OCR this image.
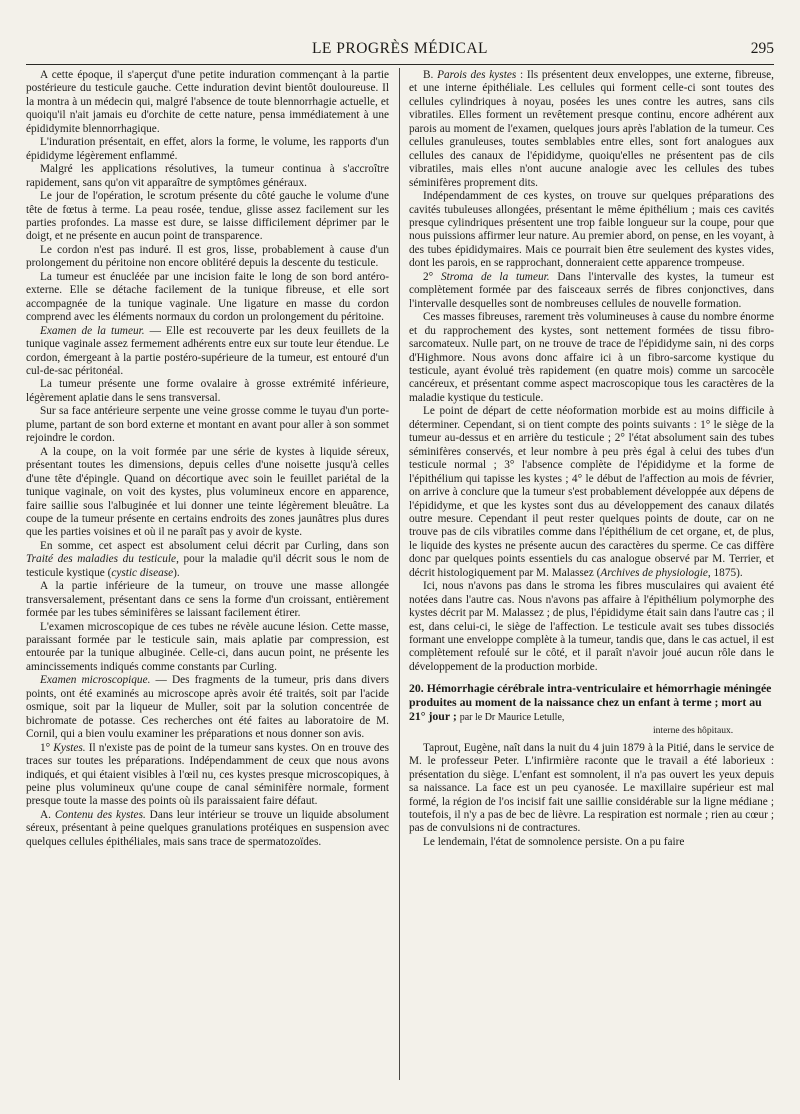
LE PROGRÈS MÉDICAL	295

A cette époque, il s'aperçut d'une petite induration commençant à la partie postérieure du testicule gauche. Cette induration devint bientôt douloureuse. Il la montra à un médecin qui, malgré l'absence de toute blennorrhagie actuelle, et quoiqu'il n'ait jamais eu d'orchite de cette nature, pensa immédiatement à une épididymite blennorrhagique.

L'induration présentait, en effet, alors la forme, le volume, les rapports d'un épididyme légèrement enflammé.

Malgré les applications résolutives, la tumeur continua à s'accroître rapidement, sans qu'on vit apparaître de symptômes généraux.

Le jour de l'opération, le scrotum présente du côté gauche le volume d'une tête de fœtus à terme. La peau rosée, tendue, glisse assez facilement sur les parties profondes. La masse est dure, se laisse difficilement déprimer par le doigt, et ne présente en aucun point de transparence.

Le cordon n'est pas induré. Il est gros, lisse, probablement à cause d'un prolongement du péritoine non encore oblitéré depuis la descente du testicule.

La tumeur est énucléée par une incision faite le long de son bord antéro-externe. Elle se détache facilement de la tunique fibreuse, et elle sort accompagnée de la tunique vaginale. Une ligature en masse du cordon comprend avec les éléments normaux du cordon un prolongement du péritoine.

Examen de la tumeur. — Elle est recouverte par les deux feuillets de la tunique vaginale assez fermement adhérents entre eux sur toute leur étendue. Le cordon, émergeant à la partie postéro-supérieure de la tumeur, est entouré d'un cul-de-sac péritonéal.

La tumeur présente une forme ovalaire à grosse extrémité inférieure, légèrement aplatie dans le sens transversal.

Sur sa face antérieure serpente une veine grosse comme le tuyau d'un porte-plume, partant de son bord externe et montant en avant pour aller à son sommet rejoindre le cordon.

A la coupe, on la voit formée par une série de kystes à liquide séreux, présentant toutes les dimensions, depuis celles d'une noisette jusqu'à celles d'une tête d'épingle. Quand on décortique avec soin le feuillet pariétal de la tunique vaginale, on voit des kystes, plus volumineux encore en apparence, faire saillie sous l'albuginée et lui donner une teinte légèrement bleuâtre. La coupe de la tumeur présente en certains endroits des zones jaunâtres plus dures que les parties voisines et où il ne paraît pas y avoir de kyste.

En somme, cet aspect est absolument celui décrit par Curling, dans son Traité des maladies du testicule, pour la maladie qu'il décrit sous le nom de testicule kystique (cystic disease).

A la partie inférieure de la tumeur, on trouve une masse allongée transversalement, présentant dans ce sens la forme d'un croissant, entièrement formée par les tubes séminifères se laissant facilement étirer.

L'examen microscopique de ces tubes ne révèle aucune lésion. Cette masse, paraissant formée par le testicule sain, mais aplatie par compression, est entourée par la tunique albuginée. Celle-ci, dans aucun point, ne présente les amincissements indiqués comme constants par Curling.

Examen microscopique. — Des fragments de la tumeur, pris dans divers points, ont été examinés au microscope après avoir été traités, soit par l'acide osmique, soit par la liqueur de Muller, soit par la solution concentrée de bichromate de potasse. Ces recherches ont été faites au laboratoire de M. Cornil, qui a bien voulu examiner les préparations et nous donner son avis.

1° Kystes. Il n'existe pas de point de la tumeur sans kystes. On en trouve des traces sur toutes les préparations. Indépendamment de ceux que nous avons indiqués, et qui étaient visibles à l'œil nu, ces kystes presque microscopiques, à peine plus volumineux qu'une coupe de canal séminifère normale, forment presque toute la masse des points où ils paraissaient faire défaut.

A. Contenu des kystes. Dans leur intérieur se trouve un liquide absolument séreux, présentant à peine quelques granulations protéiques en suspension avec quelques cellules épithéliales, mais sans trace de spermatozoïdes.

B. Parois des kystes : Ils présentent deux enveloppes, une externe, fibreuse, et une interne épithéliale. Les cellules qui forment celle-ci sont toutes des cellules cylindriques à noyau, posées les unes contre les autres, sans cils vibratiles. Elles forment un revêtement presque continu, encore adhérent aux parois au moment de l'examen, quelques jours après l'ablation de la tumeur. Ces cellules granuleuses, toutes semblables entre elles, sont fort analogues aux cellules des canaux de l'épididyme, quoiqu'elles ne présentent pas de cils vibratiles, mais elles n'ont aucune analogie avec les cellules des tubes séminifères proprement dits.

Indépendamment de ces kystes, on trouve sur quelques préparations des cavités tubuleuses allongées, présentant le même épithélium ; mais ces cavités presque cylindriques présentent une trop faible longueur sur la coupe, pour que nous puissions affirmer leur nature. Au premier abord, on pense, en les voyant, à des tubes épididymaires. Mais ce pourrait bien être seulement des kystes vides, dont les parois, en se rapprochant, donneraient cette apparence trompeuse.

2° Stroma de la tumeur. Dans l'intervalle des kystes, la tumeur est complètement formée par des faisceaux serrés de fibres conjonctives, dans l'intervalle desquelles sont de nombreuses cellules de nouvelle formation.

Ces masses fibreuses, rarement très volumineuses à cause du nombre énorme et du rapprochement des kystes, sont nettement formées de tissu fibro-sarcomateux. Nulle part, on ne trouve de trace de l'épididyme sain, ni des corps d'Highmore. Nous avons donc affaire ici à un fibro-sarcome kystique du testicule, ayant évolué très rapidement (en quatre mois) comme un sarcocèle cancéreux, et présentant comme aspect macroscopique tous les caractères de la maladie kystique du testicule.

Le point de départ de cette néoformation morbide est au moins difficile à déterminer. Cependant, si on tient compte des points suivants : 1° le siège de la tumeur au-dessus et en arrière du testicule ; 2° l'état absolument sain des tubes séminifères conservés, et leur nombre à peu près égal à celui des tubes d'un testicule normal ; 3° l'absence complète de l'épididyme et la forme de l'épithélium qui tapisse les kystes ; 4° le début de l'affection au mois de février, on arrive à conclure que la tumeur s'est probablement développée aux dépens de l'épididyme, et que les kystes sont dus au développement des canaux dilatés outre mesure. Cependant il peut rester quelques points de doute, car on ne trouve pas de cils vibratiles comme dans l'épithélium de cet organe, et, de plus, le liquide des kystes ne présente aucun des caractères du sperme. Ce cas diffère donc par quelques points essentiels du cas analogue observé par M. Terrier, et décrit histologiquement par M. Malassez (Archives de physiologie, 1875).

Ici, nous n'avons pas dans le stroma les fibres musculaires qui avaient été notées dans l'autre cas. Nous n'avons pas affaire à l'épithélium polymorphe des kystes décrit par M. Malassez ; de plus, l'épididyme était sain dans l'autre cas ; il est, dans celui-ci, le siège de l'affection. Le testicule avait ses tubes dissociés formant une enveloppe complète à la tumeur, tandis que, dans le cas actuel, il est complètement refoulé sur le côté, et il paraît n'avoir joué aucun rôle dans le développement de la production morbide.

20. Hémorrhagie cérébrale intra-ventriculaire et hémorrhagie méningée produites au moment de la naissance chez un enfant à terme ; mort au 21° jour ; par le Dr Maurice Letulle,
interne des hôpitaux.

Taprout, Eugène, naît dans la nuit du 4 juin 1879 à la Pitié, dans le service de M. le professeur Peter. L'infirmière raconte que le travail a été laborieux : présentation du siège. L'enfant est somnolent, il n'a pas ouvert les yeux depuis sa naissance. La face est un peu cyanosée. Le maxillaire supérieur est mal formé, la région de l'os incisif fait une saillie considérable sur la ligne médiane ; toutefois, il n'y a pas de bec de lièvre. La respiration est normale ; rien au cœur ; pas de convulsions ni de contractures.

Le lendemain, l'état de somnolence persiste. On a pu faire
